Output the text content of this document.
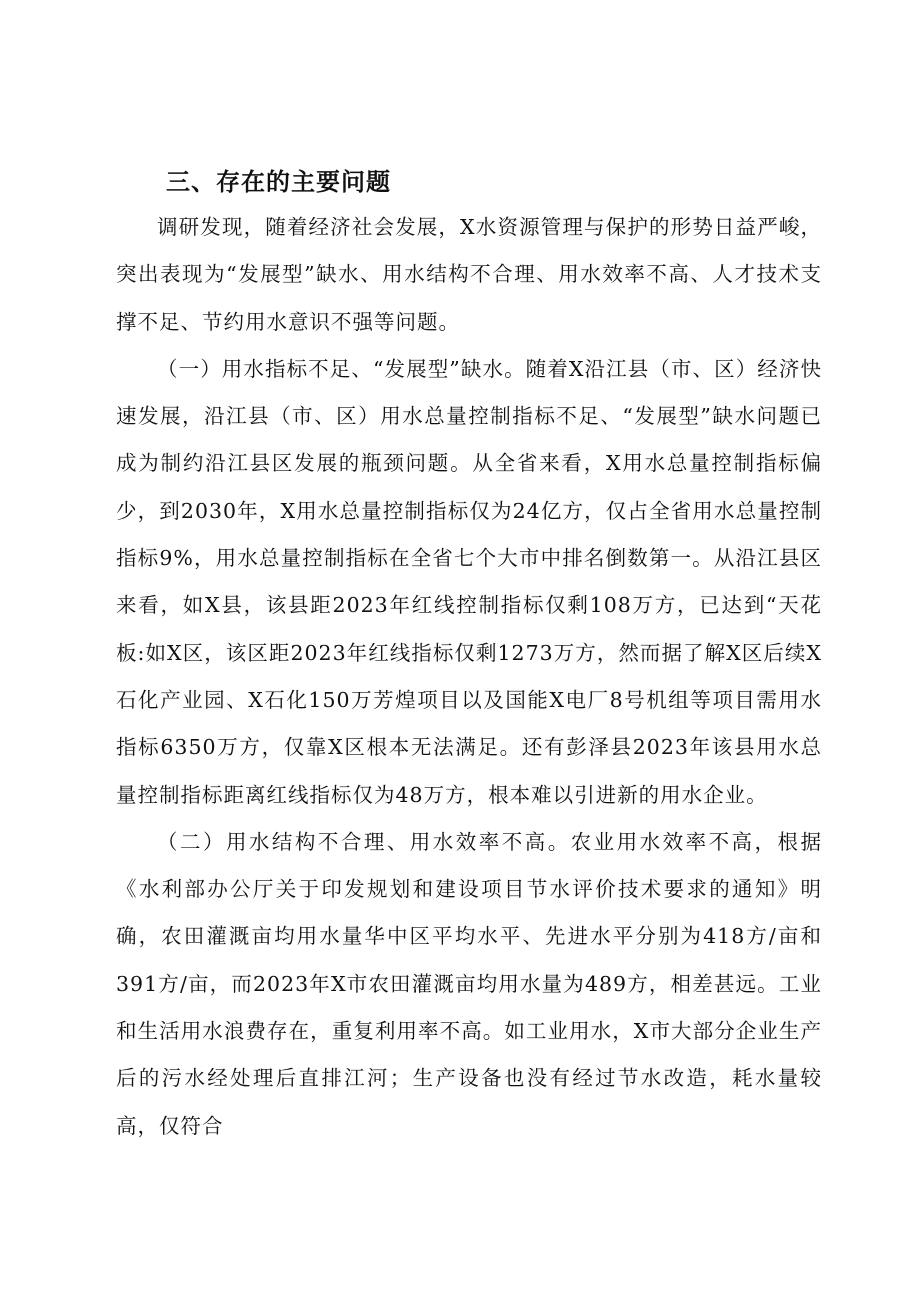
三、存在的主要问题

调研发现，随着经济社会发展，X水资源管理与保护的形势日益严峻，突出表现为“发展型”缺水、用水结构不合理、用水效率不高、人才技术支撑不足、节约用水意识不强等问题。

（一）用水指标不足、“发展型”缺水。随着X沿江县（市、区）经济快速发展，沿江县（市、区）用水总量控制指标不足、“发展型”缺水问题已成为制约沿江县区发展的瓶颈问题。从全省来看，X用水总量控制指标偏少，到2030年，X用水总量控制指标仅为24亿方，仅占全省用水总量控制指标9%，用水总量控制指标在全省七个大市中排名倒数第一。从沿江县区来看，如X县，该县距2023年红线控制指标仅剩108万方，已达到“天花板:如X区，该区距2023年红线指标仅剩1273万方，然而据了解X区后续X石化产业园、X石化150万芳煌项目以及国能X电厂8号机组等项目需用水指标6350万方，仅靠X区根本无法满足。还有彭泽县2023年该县用水总量控制指标距离红线指标仅为48万方，根本难以引进新的用水企业。

（二）用水结构不合理、用水效率不高。农业用水效率不高，根据《水利部办公厅关于印发规划和建设项目节水评价技术要求的通知》明确，农田灌溉亩均用水量华中区平均水平、先进水平分别为418方/亩和391方/亩，而2023年X市农田灌溉亩均用水量为489方，相差甚远。工业和生活用水浪费存在，重复利用率不高。如工业用水，X市大部分企业生产后的污水经处理后直排江河；生产设备也没有经过节水改造，耗水量较高，仅符合
